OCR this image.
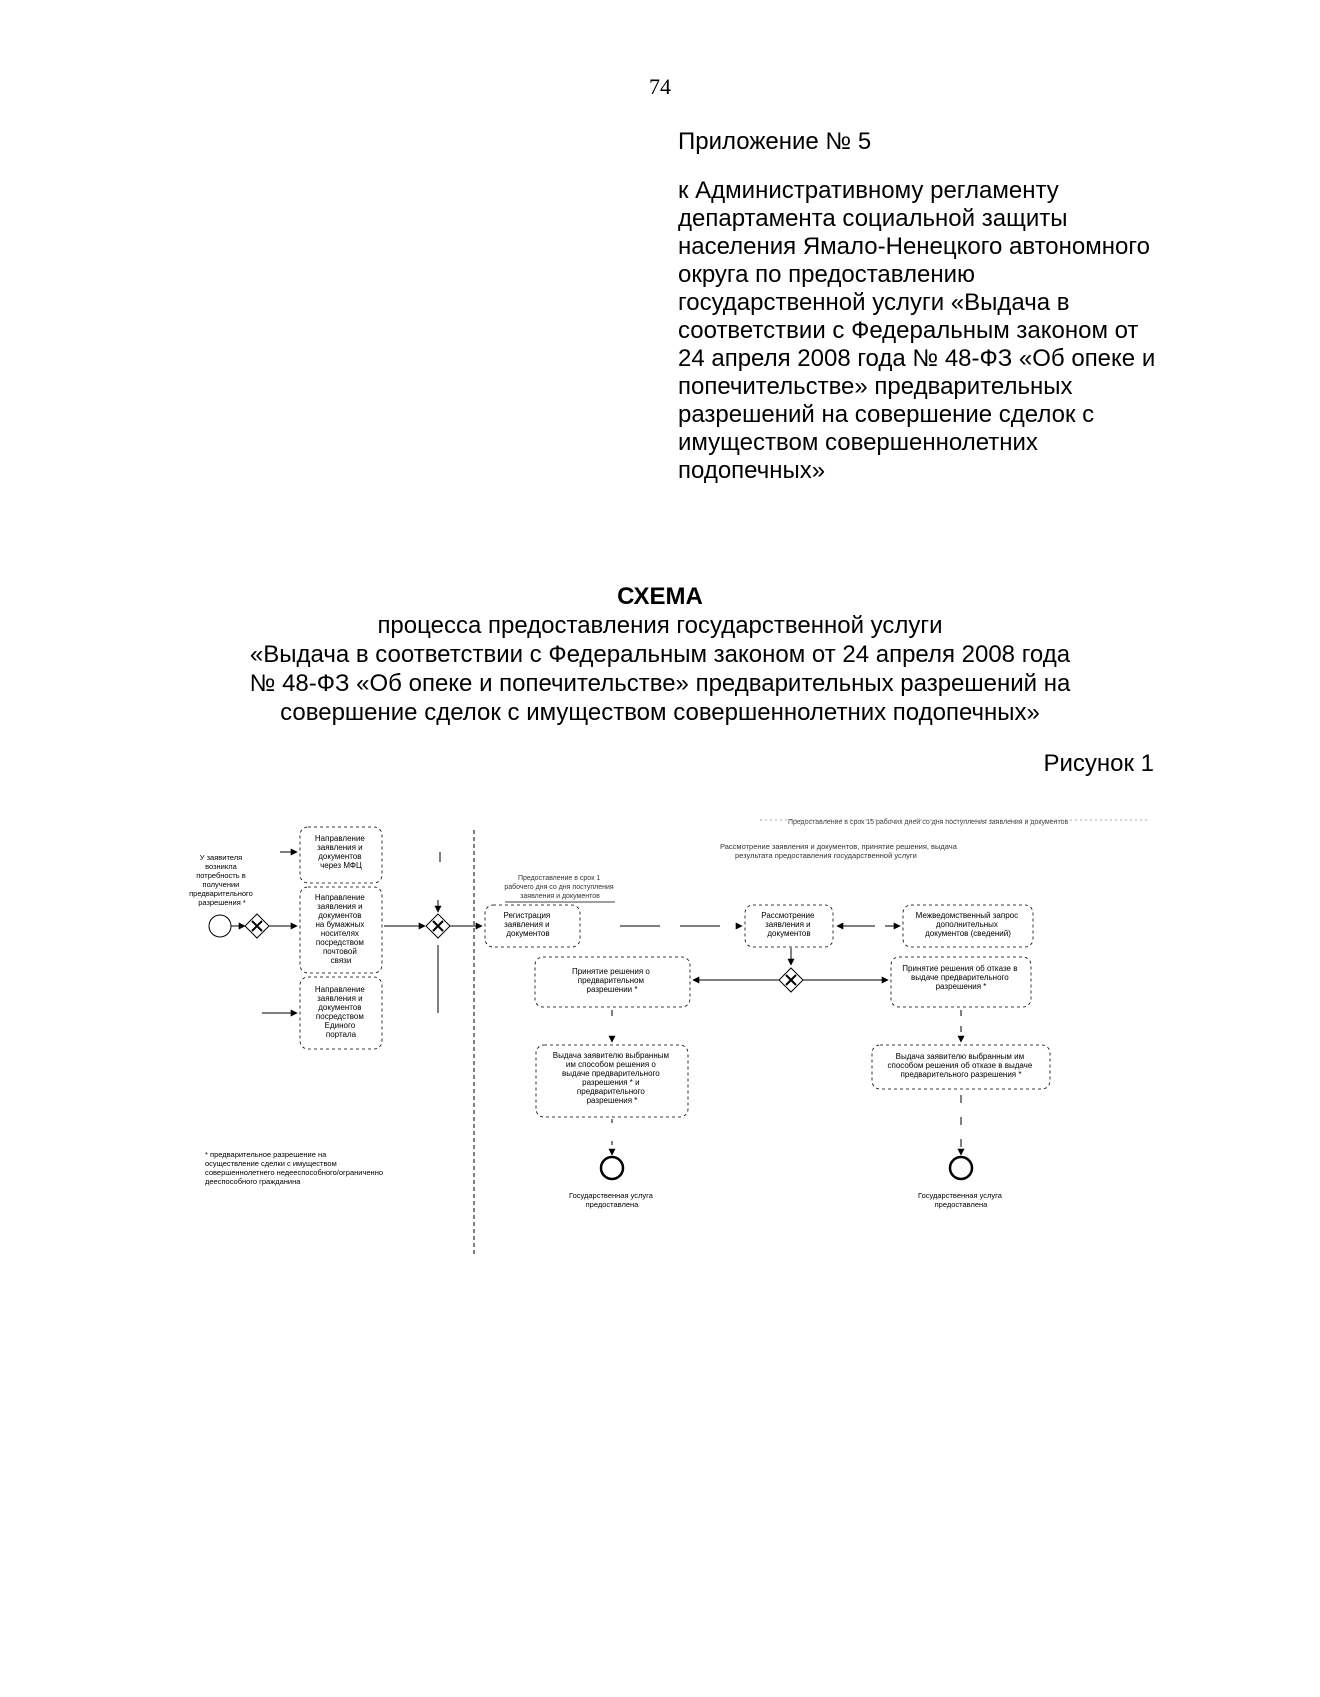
74

Приложение № 5

к Административному регламенту департамента социальной защиты населения Ямало-Ненецкого автономного округа по предоставлению государственной услуги «Выдача в соответствии с Федеральным законом от 24 апреля 2008 года № 48-ФЗ «Об опеке и попечительстве» предварительных разрешений на совершение сделок с имуществом совершеннолетних подопечных»

СХЕМА
процесса предоставления государственной услуги
«Выдача в соответствии с Федеральным законом от 24 апреля 2008 года
№ 48-ФЗ «Об опеке и попечительстве» предварительных разрешений на
совершение сделок с имуществом совершеннолетних подопечных»
Рисунок 1
Предоставление в срок 15 рабочих дней со дня поступления заявления и документов
Рассмотрение заявления и документов, принятие решения, выдача результата предоставления государственной услуги
Предоставление в срок 1 рабочего дня со дня поступления заявления и документов
У заявителя возникла потребность в получении предварительного разрешения *
Направление заявления и документов через МФЦ
Направление заявления и документов на бумажных носителях посредством почтовой связи
Направление заявления и документов посредством Единого портала
Регистрация заявления и документов
Рассмотрение заявления и документов
Межведомственный запрос дополнительных документов (сведений)
Принятие решения о предварительном разрешении *
Принятие решения об отказе в выдаче предварительного разрешения *
Выдача заявителю выбранным им способом решения о выдаче предварительного разрешения * и предварительного разрешения *
Выдача заявителю выбранным им способом решения об отказе в выдаче предварительного разрешения *
Государственная услуга предоставлена
Государственная услуга предоставлена
* предварительное разрешение на осуществление сделки с имуществом совершеннолетнего недееспособного/ограниченно дееспособного гражданина
